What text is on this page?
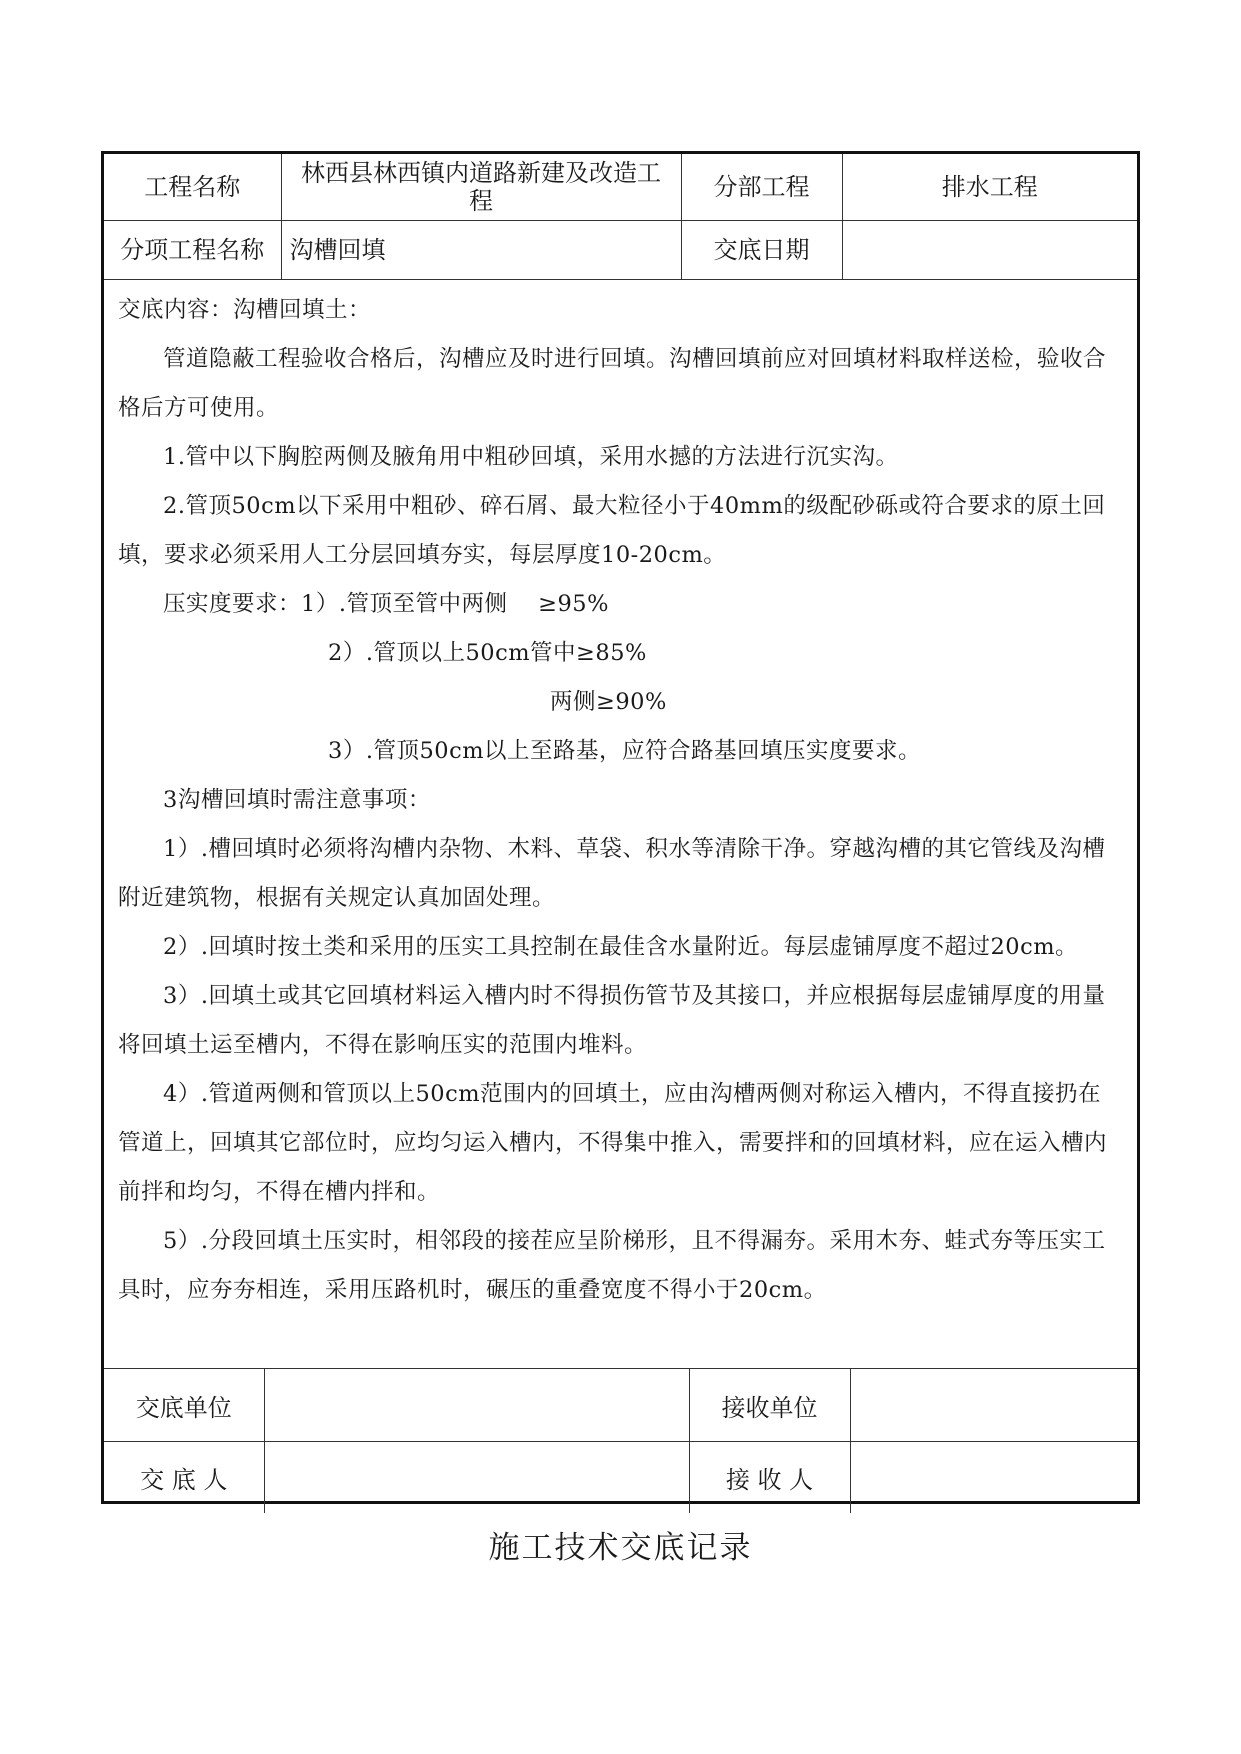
工程名称	林西县林西镇内道路新建及改造工程	分部工程	排水工程
分项工程名称	沟槽回填	交底日期	

交底内容：沟槽回填土：

管道隐蔽工程验收合格后，沟槽应及时进行回填。沟槽回填前应对回填材料取样送检，验收合格后方可使用。

1.管中以下胸腔两侧及腋角用中粗砂回填，采用水撼的方法进行沉实沟。

2.管顶50cm以下采用中粗砂、碎石屑、最大粒径小于40mm的级配砂砾或符合要求的原土回填，要求必须采用人工分层回填夯实，每层厚度10-20cm。

压实度要求：1）.管顶至管中两侧　 ≥95%

2）.管顶以上50cm管中≥85%

两侧≥90%

3）.管顶50cm以上至路基，应符合路基回填压实度要求。

3沟槽回填时需注意事项：

1）.槽回填时必须将沟槽内杂物、木料、草袋、积水等清除干净。穿越沟槽的其它管线及沟槽附近建筑物，根据有关规定认真加固处理。

2）.回填时按土类和采用的压实工具控制在最佳含水量附近。每层虚铺厚度不超过20cm。

3）.回填土或其它回填材料运入槽内时不得损伤管节及其接口，并应根据每层虚铺厚度的用量将回填土运至槽内，不得在影响压实的范围内堆料。

4）.管道两侧和管顶以上50cm范围内的回填土，应由沟槽两侧对称运入槽内，不得直接扔在管道上，回填其它部位时，应均匀运入槽内，不得集中推入，需要拌和的回填材料，应在运入槽内前拌和均匀，不得在槽内拌和。

5）.分段回填土压实时，相邻段的接茬应呈阶梯形，且不得漏夯。采用木夯、蛙式夯等压实工具时，应夯夯相连，采用压路机时，碾压的重叠宽度不得小于20cm。

交底单位		接收单位	
交 底 人		接 收 人	
施工技术交底记录
